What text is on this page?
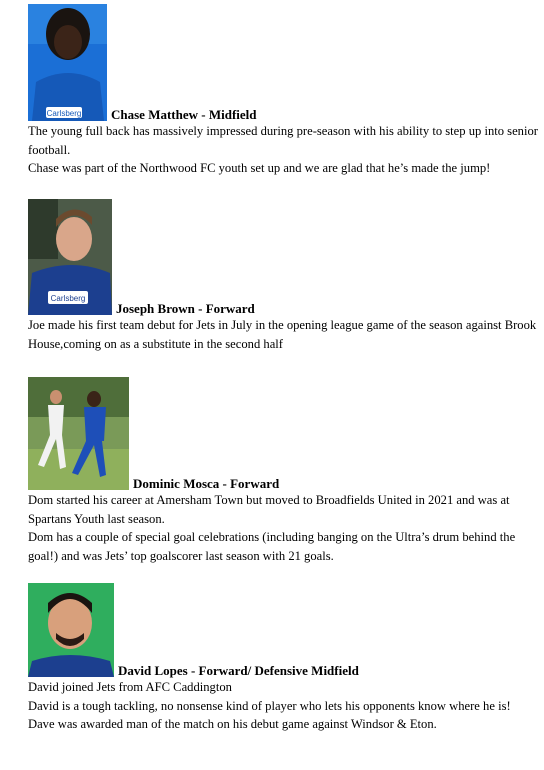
Carlsberg Chase Matthew - Midfield

The young full back has massively impressed during pre-season with his ability to step up into senior football.

Chase was part of the Northwood FC youth set up and we are glad that he’s made the jump!

Carlsberg
Joseph Brown - Forward

Joe made his first team debut for Jets in July in the opening league game of the season against Brook House,coming on as a substitute in the second half

Dominic Mosca - Forward

Dom started his career at Amersham Town but moved to Broadfields United in 2021 and was at Spartans Youth last season.

Dom has a couple of special goal celebrations (including banging on the Ultra’s drum behind the goal!) and was Jets’ top goalscorer last season with 21 goals.

David Lopes - Forward/ Defensive Midfield

David joined Jets from AFC Caddington

David is a tough tackling, no nonsense kind of player who lets his opponents know where he is! Dave was awarded man of the match on his debut game against Windsor & Eton.
